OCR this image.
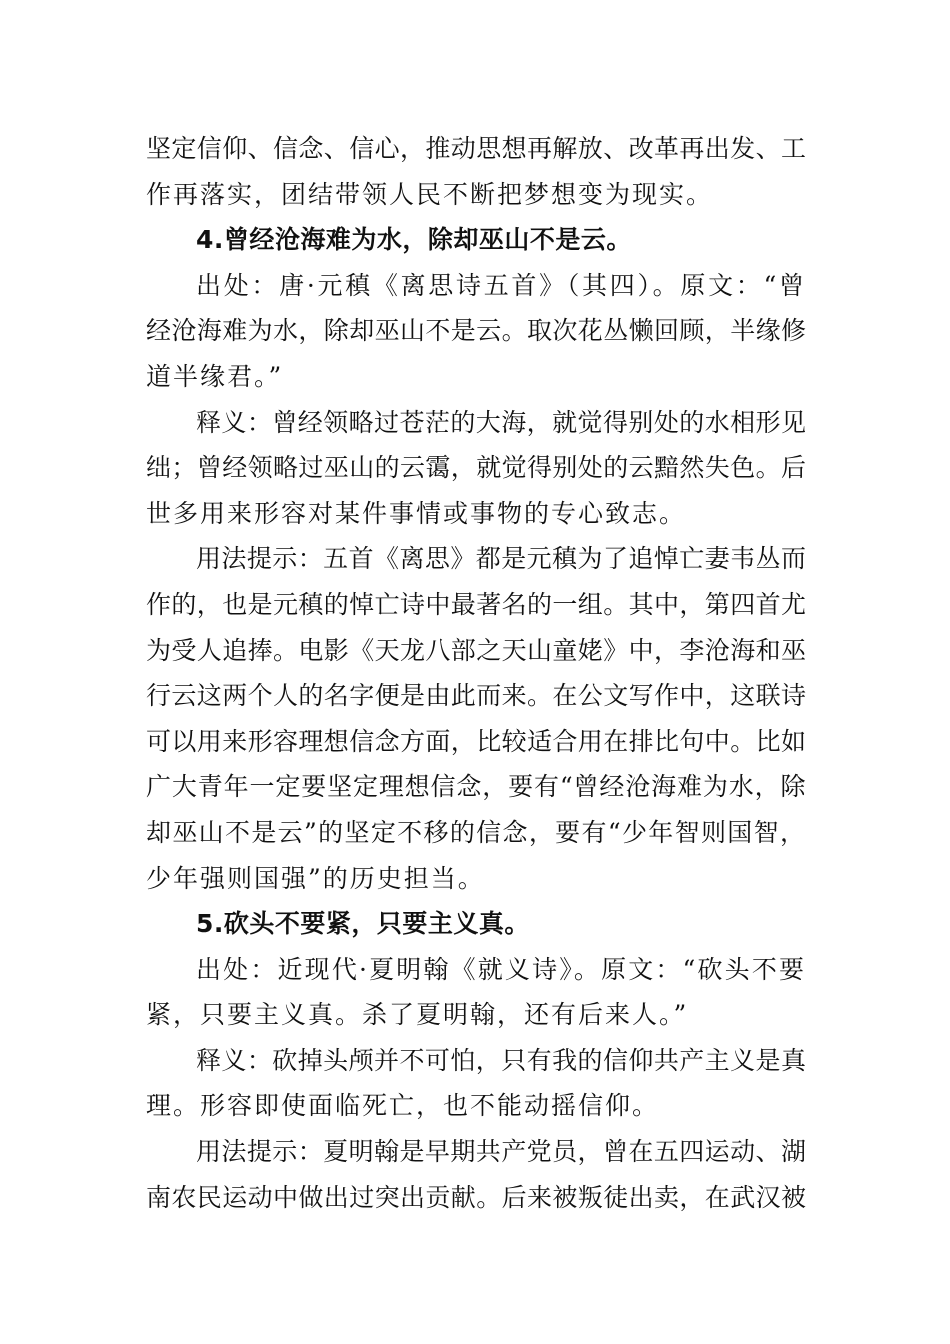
坚定信仰、信念、信心，推动思想再解放、改革再出发、工
作再落实，团结带领人民不断把梦想变为现实。
4.曾经沧海难为水，除却巫山不是云。
出处：唐·元稹《离思诗五首》（其四）。原文：“曾
经沧海难为水，除却巫山不是云。取次花丛懒回顾，半缘修
道半缘君。”
释义：曾经领略过苍茫的大海，就觉得别处的水相形见
绌；曾经领略过巫山的云霭，就觉得别处的云黯然失色。后
世多用来形容对某件事情或事物的专心致志。
用法提示：五首《离思》都是元稹为了追悼亡妻韦丛而
作的，也是元稹的悼亡诗中最著名的一组。其中，第四首尤
为受人追捧。电影《天龙八部之天山童姥》中，李沧海和巫
行云这两个人的名字便是由此而来。在公文写作中，这联诗
可以用来形容理想信念方面，比较适合用在排比句中。比如
广大青年一定要坚定理想信念，要有“曾经沧海难为水，除
却巫山不是云”的坚定不移的信念，要有“少年智则国智，
少年强则国强”的历史担当。
5.砍头不要紧，只要主义真。
出处：近现代·夏明翰《就义诗》。原文：“砍头不要
紧，只要主义真。杀了夏明翰，还有后来人。”
释义：砍掉头颅并不可怕，只有我的信仰共产主义是真
理。形容即使面临死亡，也不能动摇信仰。
用法提示：夏明翰是早期共产党员，曾在五四运动、湖
南农民运动中做出过突出贡献。后来被叛徒出卖，在武汉被
